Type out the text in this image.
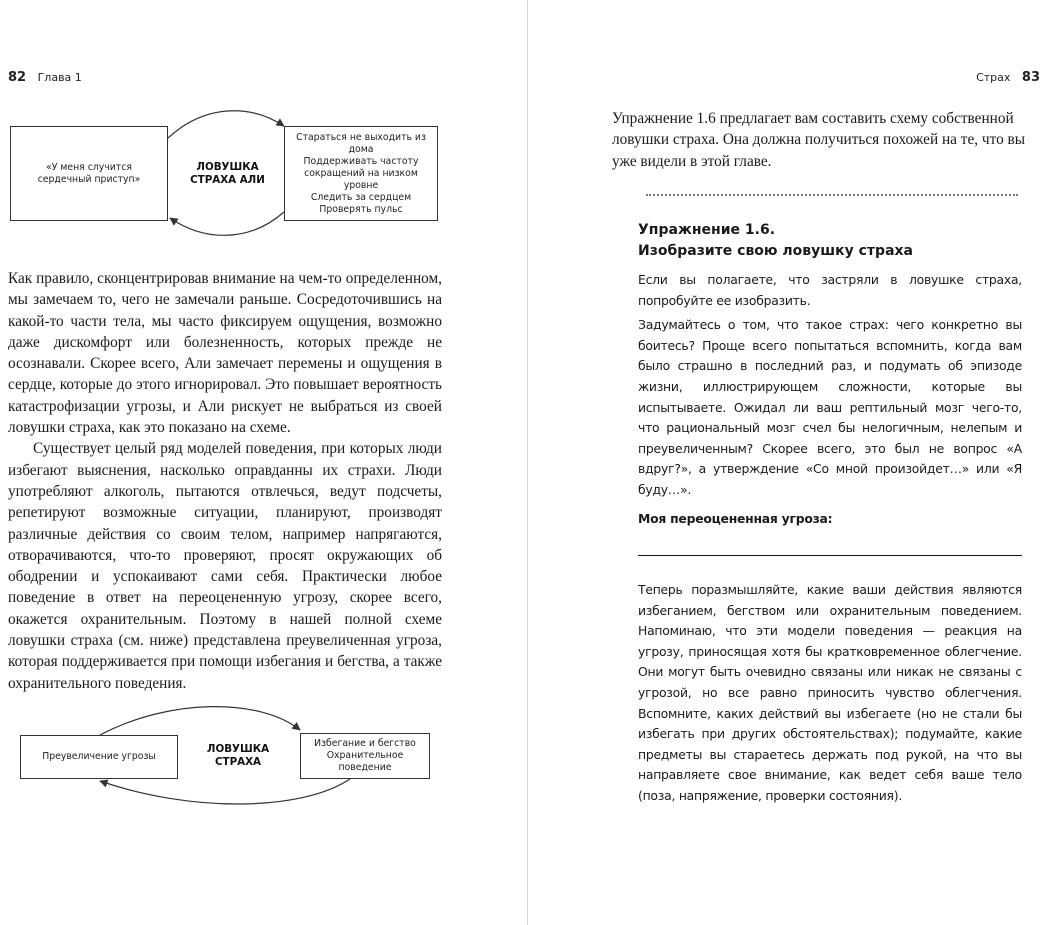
82 Глава 1
«У меня случится сердечный приступ»
ЛОВУШКА СТРАХА АЛИ
Стараться не выходить из дома
Поддерживать частоту сокращений на низком уровне
Следить за сердцем
Проверять пульс

Как правило, сконцентрировав внимание на чем-то определенном, мы замечаем то, чего не замечали раньше. Сосредоточившись на какой-то части тела, мы часто фиксируем ощущения, возможно даже дискомфорт или болезненность, которых прежде не осознавали. Скорее всего, Али замечает перемены и ощущения в сердце, которые до этого игнорировал. Это повышает вероятность катастрофизации угрозы, и Али рискует не выбраться из своей ловушки страха, как это показано на схеме.

Существует целый ряд моделей поведения, при которых люди избегают выяснения, насколько оправданны их страхи. Люди употребляют алкоголь, пытаются отвлечься, ведут подсчеты, репетируют возможные ситуации, планируют, производят различные действия со своим телом, например напрягаются, отворачиваются, что-то проверяют, просят окружающих об ободрении и успокаивают сами себя. Практически любое поведение в ответ на переоцененную угрозу, скорее всего, окажется охранительным. Поэтому в нашей полной схеме ловушки страха (см. ниже) представлена преувеличенная угроза, которая поддерживается при помощи избегания и бегства, а также охранительного поведения.

Преувеличение угрозы
ЛОВУШКА СТРАХА
Избегание и бегство
Охранительное поведение
Страх 83

Упражнение 1.6 предлагает вам составить схему собственной ловушки страха. Она должна получиться похожей на те, что вы уже видели в этой главе.

Упражнение 1.6.
Изобразите свою ловушку страха

Если вы полагаете, что застряли в ловушке страха, попробуйте ее изобразить.

Задумайтесь о том, что такое страх: чего конкретно вы боитесь? Проще всего попытаться вспомнить, когда вам было страшно в последний раз, и подумать об эпизоде жизни, иллюстрирующем сложности, которые вы испытываете. Ожидал ли ваш рептильный мозг чего-то, что рациональный мозг счел бы нелогичным, нелепым и преувеличенным? Скорее всего, это был не вопрос «А вдруг?», а утверждение «Со мной произойдет…» или «Я буду…».

Моя переоцененная угроза:

Теперь поразмышляйте, какие ваши действия являются избеганием, бегством или охранительным поведением. Напоминаю, что эти модели поведения — реакция на угрозу, приносящая хотя бы кратковременное облегчение. Они могут быть очевидно связаны или никак не связаны с угрозой, но все равно приносить чувство облегчения. Вспомните, каких действий вы избегаете (но не стали бы избегать при других обстоятельствах); подумайте, какие предметы вы стараетесь держать под рукой, на что вы направляете свое внимание, как ведет себя ваше тело (поза, напряжение, проверки состояния).
